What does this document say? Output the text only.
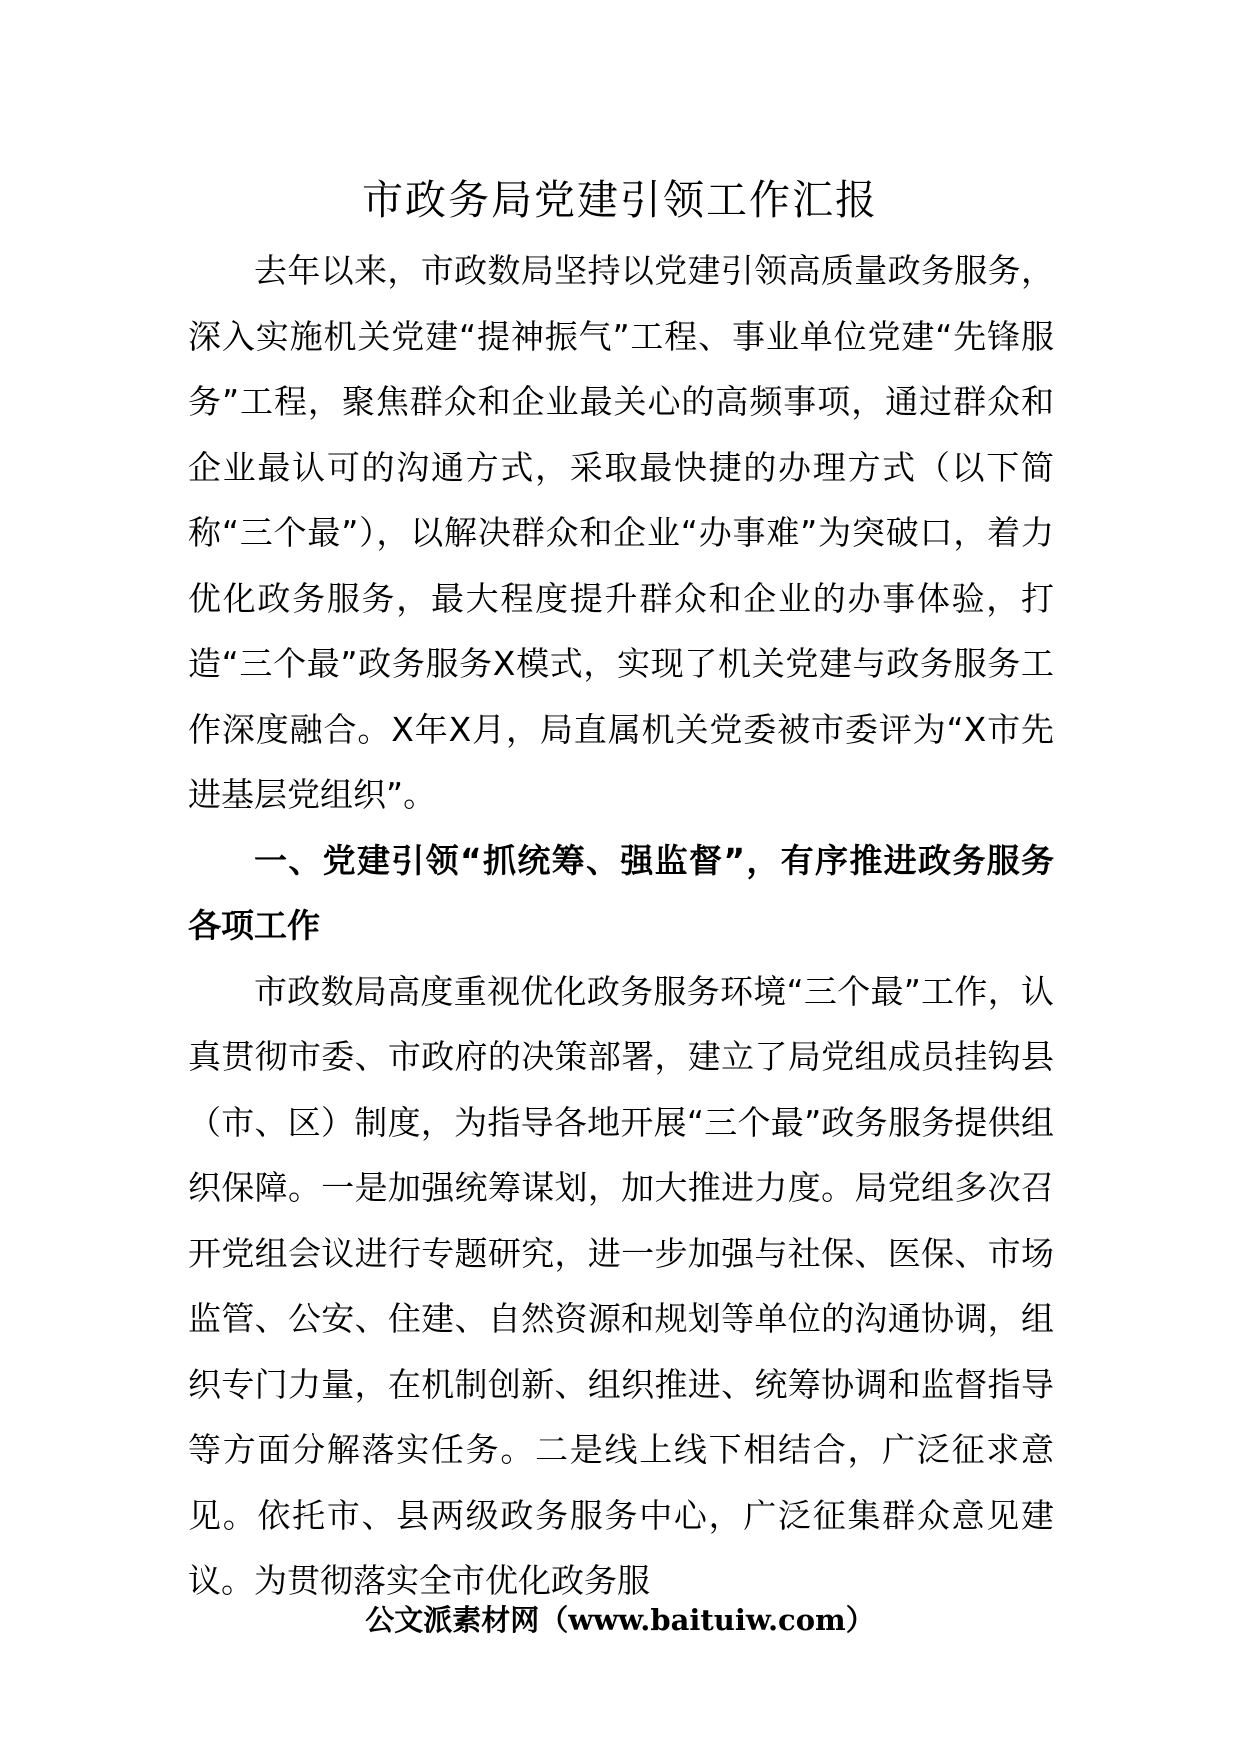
市政务局党建引领工作汇报

去年以来，市政数局坚持以党建引领高质量政务服务，深入实施机关党建“提神振气”工程、事业单位党建“先锋服务”工程，聚焦群众和企业最关心的高频事项，通过群众和企业最认可的沟通方式，采取最快捷的办理方式（以下简称“三个最”），以解决群众和企业“办事难”为突破口，着力优化政务服务，最大程度提升群众和企业的办事体验，打造“三个最”政务服务X模式，实现了机关党建与政务服务工作深度融合。X年X月，局直属机关党委被市委评为“X市先进基层党组织”。

一、党建引领“抓统筹、强监督”，有序推进政务服务各项工作

市政数局高度重视优化政务服务环境“三个最”工作，认真贯彻市委、市政府的决策部署，建立了局党组成员挂钩县（市、区）制度，为指导各地开展“三个最”政务服务提供组织保障。一是加强统筹谋划，加大推进力度。局党组多次召开党组会议进行专题研究，进一步加强与社保、医保、市场监管、公安、住建、自然资源和规划等单位的沟通协调，组织专门力量，在机制创新、组织推进、统筹协调和监督指导等方面分解落实任务。二是线上线下相结合，广泛征求意见。依托市、县两级政务服务中心，广泛征集群众意见建议。为贯彻落实全市优化政务服

公文派素材网（www.baituiw.com）
